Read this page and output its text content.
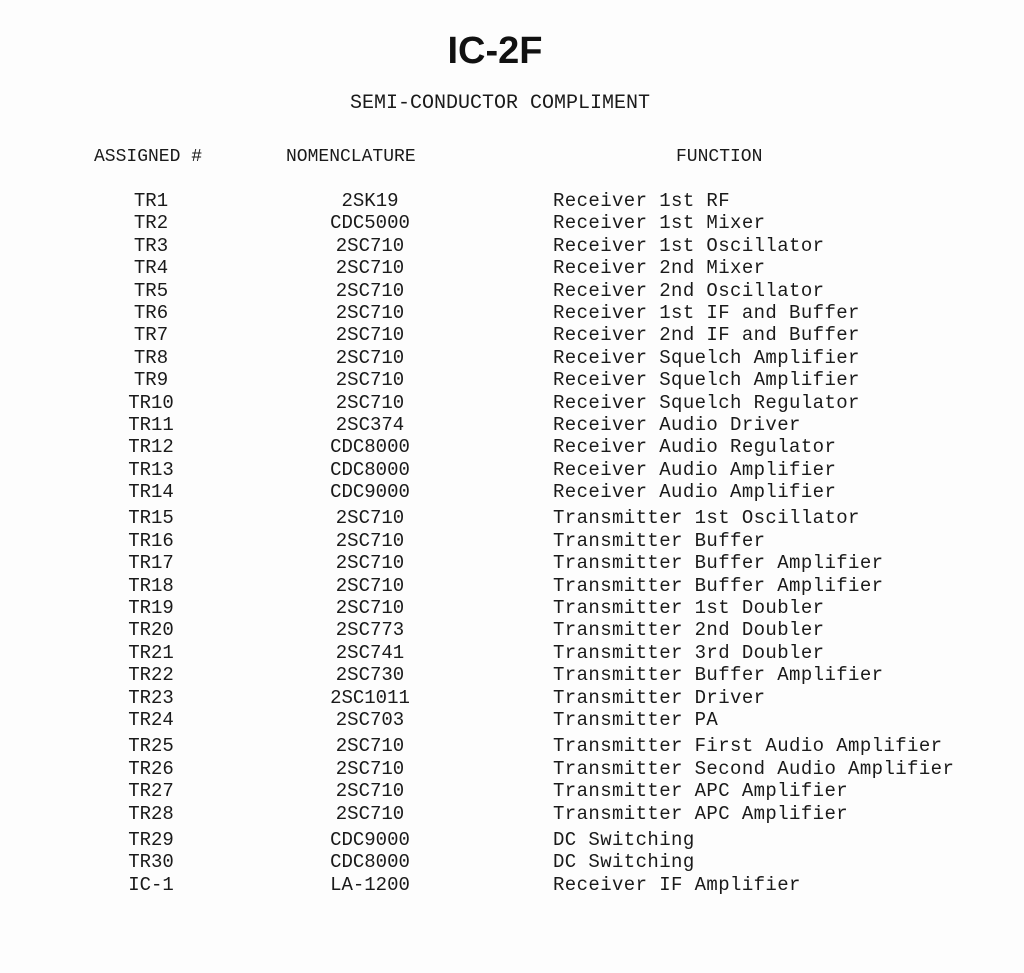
IC-2F
SEMI-CONDUCTOR COMPLIMENT
ASSIGNED #	NOMENCLATURE	FUNCTION
TR1	2SK19	Receiver 1st RF
TR2	CDC5000	Receiver 1st Mixer
TR3	2SC710	Receiver 1st Oscillator
TR4	2SC710	Receiver 2nd Mixer
TR5	2SC710	Receiver 2nd Oscillator
TR6	2SC710	Receiver 1st IF and Buffer
TR7	2SC710	Receiver 2nd IF and Buffer
TR8	2SC710	Receiver Squelch Amplifier
TR9	2SC710	Receiver Squelch Amplifier
TR10	2SC710	Receiver Squelch Regulator
TR11	2SC374	Receiver Audio Driver
TR12	CDC8000	Receiver Audio Regulator
TR13	CDC8000	Receiver Audio Amplifier
TR14	CDC9000	Receiver Audio Amplifier
TR15	2SC710	Transmitter 1st Oscillator
TR16	2SC710	Transmitter Buffer
TR17	2SC710	Transmitter Buffer Amplifier
TR18	2SC710	Transmitter Buffer Amplifier
TR19	2SC710	Transmitter 1st Doubler
TR20	2SC773	Transmitter 2nd Doubler
TR21	2SC741	Transmitter 3rd Doubler
TR22	2SC730	Transmitter Buffer Amplifier
TR23	2SC1011	Transmitter Driver
TR24	2SC703	Transmitter PA
TR25	2SC710	Transmitter First Audio Amplifier
TR26	2SC710	Transmitter Second Audio Amplifier
TR27	2SC710	Transmitter APC Amplifier
TR28	2SC710	Transmitter APC Amplifier
TR29	CDC9000	DC Switching
TR30	CDC8000	DC Switching
IC-1	LA-1200	Receiver IF Amplifier
